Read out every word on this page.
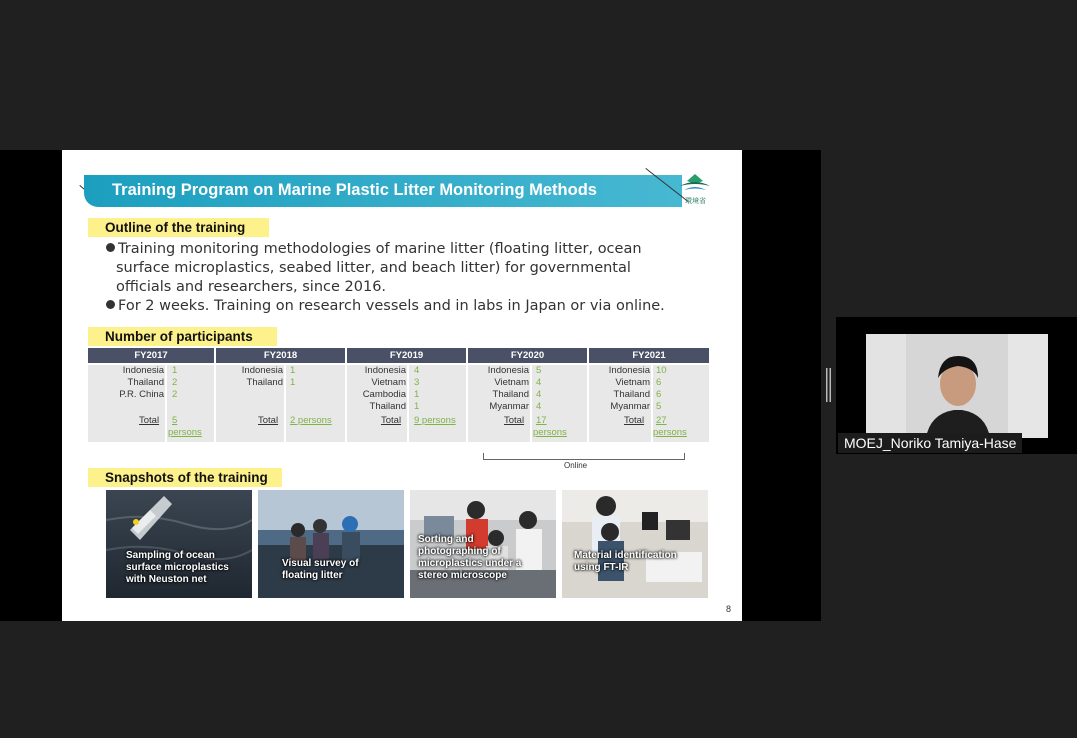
Training Program on Marine Plastic Litter Monitoring Methods
環境省
Outline of the training
Training monitoring methodologies of marine litter (floating litter, ocean
surface microplastics, seabed litter, and beach litter) for governmental
officials and researchers, since 2016.
For 2 weeks. Training on research vessels and in labs in Japan or via online.
Number of participants
FY2017
Indonesia 1
Thailand 2
P.R. China 2
Total 5
persons
FY2018
Indonesia 1
Thailand 1
Total 2 persons
FY2019
Indonesia 4
Vietnam 3
Cambodia 1
Thailand 1
Total 9 persons
FY2020
Indonesia 5
Vietnam 4
Thailand 4
Myanmar 4
Total 17
persons
FY2021
Indonesia 10
Vietnam 6
Thailand 6
Myanmar 5
Total 27
persons
Online
Snapshots of the training
Sampling of ocean surface microplastics with Neuston net
Visual survey of floating litter
Sorting and photographing of microplastics under a stereo microscope
Material identification using FT-IR
8
MOEJ_Noriko Tamiya-Hase
